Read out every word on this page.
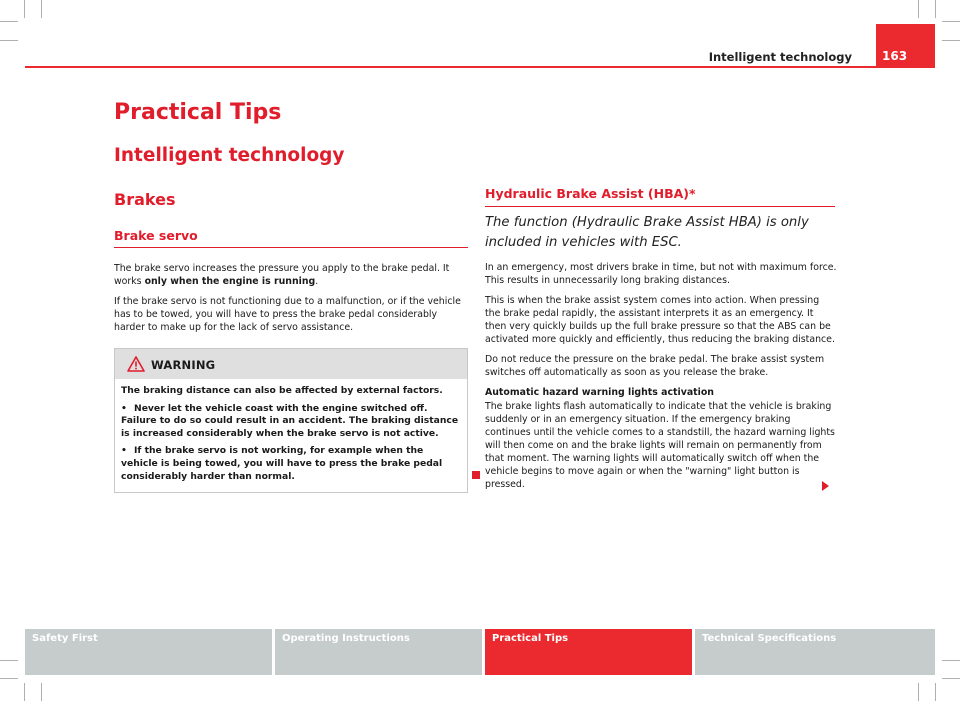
Intelligent technology	163
Practical Tips
Intelligent technology
Brakes
Brake servo

The brake servo increases the pressure you apply to the brake pedal. It works only when the engine is running.

If the brake servo is not functioning due to a malfunction, or if the vehicle has to be towed, you will have to press the brake pedal considerably harder to make up for the lack of servo assistance.

WARNING

The braking distance can also be affected by external factors.

• Never let the vehicle coast with the engine switched off. Failure to do so could result in an accident. The braking distance is increased considerably when the brake servo is not active.

• If the brake servo is not working, for example when the vehicle is being towed, you will have to press the brake pedal considerably harder than normal.

Hydraulic Brake Assist (HBA)*

The function (Hydraulic Brake Assist HBA) is only included in vehicles with ESC.

In an emergency, most drivers brake in time, but not with maximum force. This results in unnecessarily long braking distances.

This is when the brake assist system comes into action. When pressing the brake pedal rapidly, the assistant interprets it as an emergency. It then very quickly builds up the full brake pressure so that the ABS can be activated more quickly and efficiently, thus reducing the braking distance.

Do not reduce the pressure on the brake pedal. The brake assist system switches off automatically as soon as you release the brake.

Automatic hazard warning lights activation

The brake lights flash automatically to indicate that the vehicle is braking suddenly or in an emergency situation. If the emergency braking continues until the vehicle comes to a standstill, the hazard warning lights will then come on and the brake lights will remain on permanently from that moment. The warning lights will automatically switch off when the vehicle begins to move again or when the "warning" light button is pressed.

Safety First	Operating Instructions	Practical Tips	Technical Specifications
